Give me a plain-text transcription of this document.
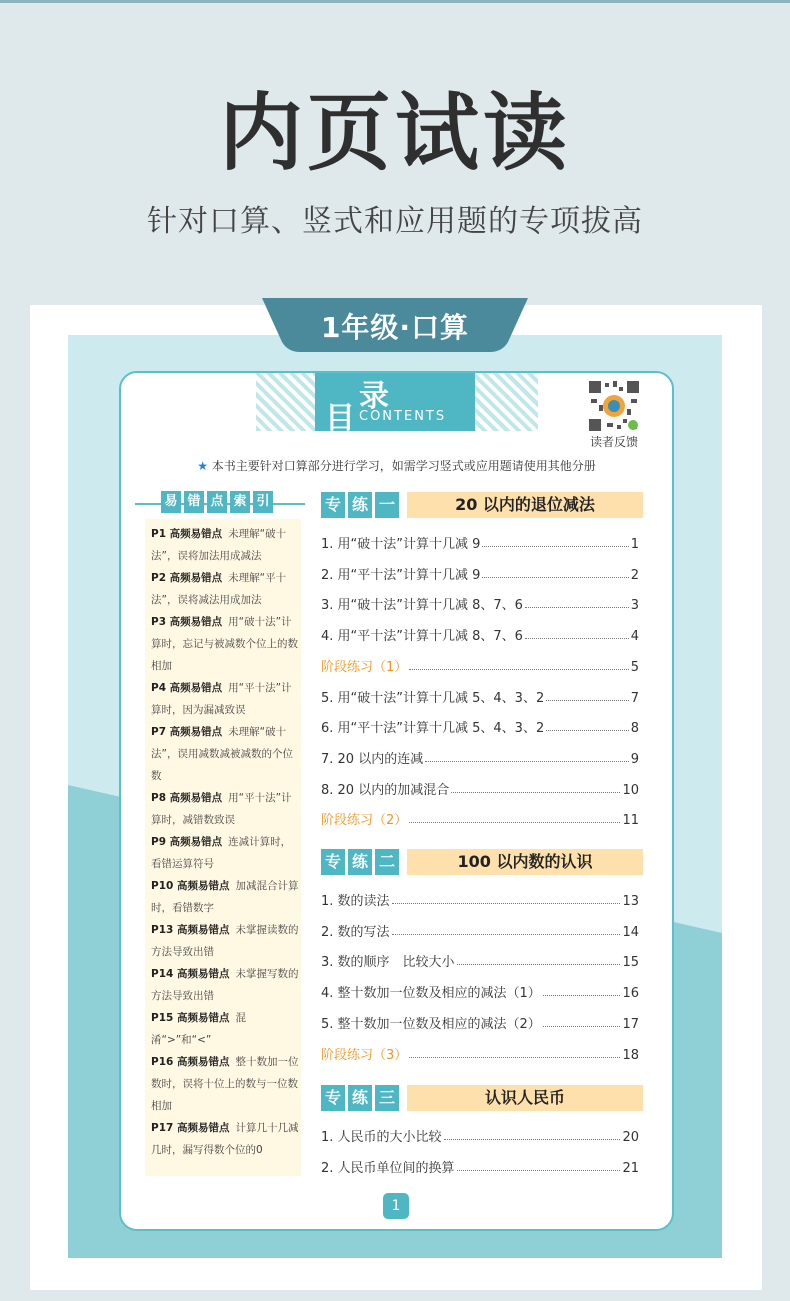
内页试读
针对口算、竖式和应用题的专项拔高
1年级·口算
目
录
CONTENTS
读者反馈
★ 本书主要针对口算部分进行学习，如需学习竖式或应用题请使用其他分册
易 错 点 索 引
P1 高频易错点 未理解“破十法”，误将加法用成减法
P2 高频易错点 未理解“平十法”，误将减法用成加法
P3 高频易错点 用“破十法”计算时，忘记与被减数个位上的数相加
P4 高频易错点 用“平十法”计算时，因为漏减致误
P7 高频易错点 未理解“破十法”，误用减数减被减数的个位数
P8 高频易错点 用“平十法”计算时，减错数致误
P9 高频易错点 连减计算时，看错运算符号
P10 高频易错点 加减混合计算时，看错数字
P13 高频易错点 未掌握读数的方法导致出错
P14 高频易错点 未掌握写数的方法导致出错
P15 高频易错点 混淆“>”和“<”
P16 高频易错点 整十数加一位数时，误将十位上的数与一位数相加
P17 高频易错点 计算几十几减几时，漏写得数个位的0
专 练 一	20 以内的退位减法
1. 用“破十法”计算十几减 9	1
2. 用“平十法”计算十几减 9	2
3. 用“破十法”计算十几减 8、7、6	3
4. 用“平十法”计算十几减 8、7、6	4
阶段练习（1）	5
5. 用“破十法”计算十几减 5、4、3、2	7
6. 用“平十法”计算十几减 5、4、3、2	8
7. 20 以内的连减	9
8. 20 以内的加减混合	10
阶段练习（2）	11
专 练 二	100 以内数的认识
1. 数的读法	13
2. 数的写法	14
3. 数的顺序　比较大小	15
4. 整十数加一位数及相应的减法（1）	16
5. 整十数加一位数及相应的减法（2）	17
阶段练习（3）	18
专 练 三	认识人民币
1. 人民币的大小比较	20
2. 人民币单位间的换算	21
1
